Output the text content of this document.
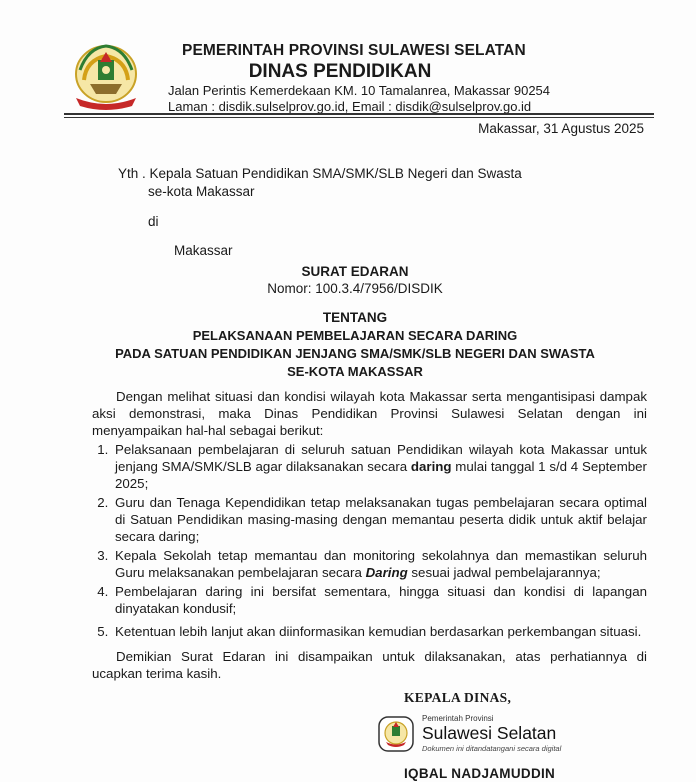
PEMERINTAH PROVINSI SULAWESI SELATAN
DINAS PENDIDIKAN
Jalan Perintis Kemerdekaan KM. 10 Tamalanrea, Makassar 90254
Laman : disdik.sulselprov.go.id, Email : disdik@sulselprov.go.id
Makassar, 31 Agustus 2025
Yth . Kepala Satuan Pendidikan SMA/SMK/SLB Negeri dan Swasta
se-kota Makassar
di
Makassar
SURAT EDARAN
Nomor: 100.3.4/7956/DISDIK
TENTANG
PELAKSANAAN PEMBELAJARAN SECARA DARING
PADA SATUAN PENDIDIKAN JENJANG SMA/SMK/SLB NEGERI DAN SWASTA
SE-KOTA MAKASSAR

Dengan melihat situasi dan kondisi wilayah kota Makassar serta mengantisipasi dampak aksi demonstrasi, maka Dinas Pendidikan Provinsi Sulawesi Selatan dengan ini menyampaikan hal-hal sebagai berikut:

1. Pelaksanaan pembelajaran di seluruh satuan Pendidikan wilayah kota Makassar untuk jenjang SMA/SMK/SLB agar dilaksanakan secara daring mulai tanggal 1 s/d 4 September 2025;
2. Guru dan Tenaga Kependidikan tetap melaksanakan tugas pembelajaran secara optimal di Satuan Pendidikan masing-masing dengan memantau peserta didik untuk aktif belajar secara daring;
3. Kepala Sekolah tetap memantau dan monitoring sekolahnya dan memastikan seluruh Guru melaksanakan pembelajaran secara Daring sesuai jadwal pembelajarannya;
4. Pembelajaran daring ini bersifat sementara, hingga situasi dan kondisi di lapangan dinyatakan kondusif;
5. Ketentuan lebih lanjut akan diinformasikan kemudian berdasarkan perkembangan situasi.

Demikian Surat Edaran ini disampaikan untuk dilaksanakan, atas perhatiannya di ucapkan terima kasih.

KEPALA DINAS,
Pemerintah Provinsi
Sulawesi Selatan
Dokumen ini ditandatangani secara digital
IQBAL NADJAMUDDIN
